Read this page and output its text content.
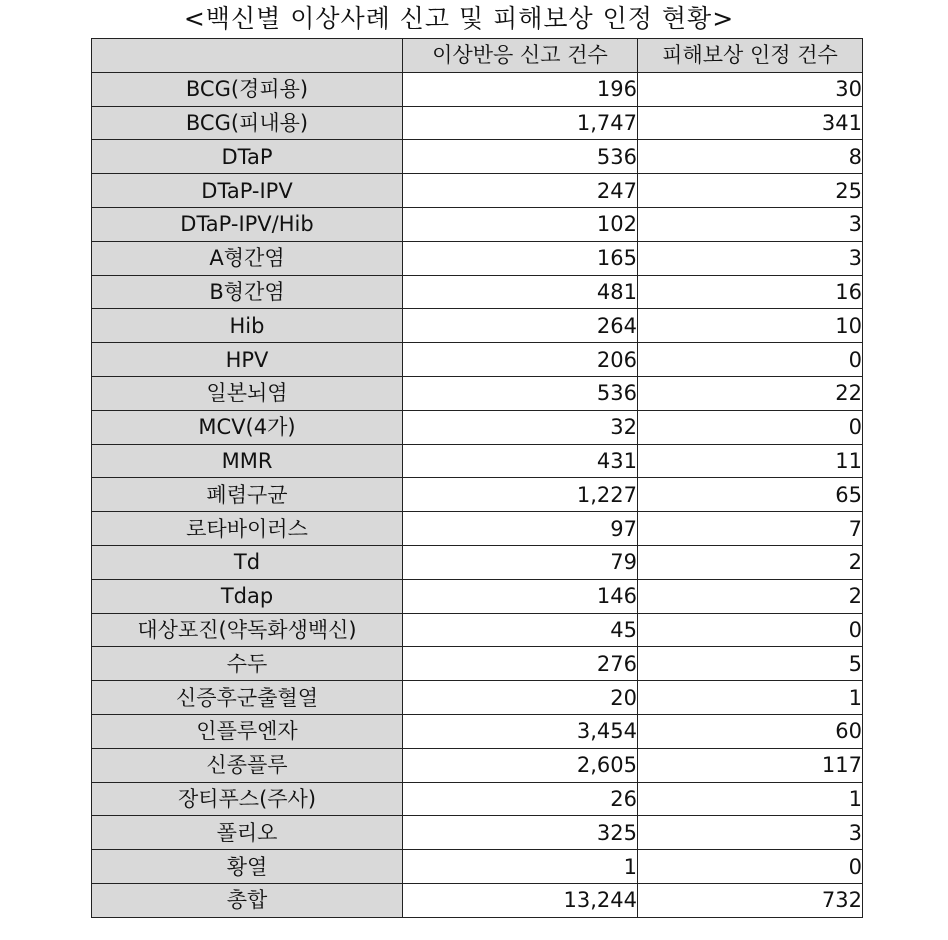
<백신별 이상사례 신고 및 피해보상 인정 현황>
	이상반응 신고 건수	피해보상 인정 건수
BCG(경피용)	196	30
BCG(피내용)	1,747	341
DTaP	536	8
DTaP-IPV	247	25
DTaP-IPV/Hib	102	3
A형간염	165	3
B형간염	481	16
Hib	264	10
HPV	206	0
일본뇌염	536	22
MCV(4가)	32	0
MMR	431	11
폐렴구균	1,227	65
로타바이러스	97	7
Td	79	2
Tdap	146	2
대상포진(약독화생백신)	45	0
수두	276	5
신증후군출혈열	20	1
인플루엔자	3,454	60
신종플루	2,605	117
장티푸스(주사)	26	1
폴리오	325	3
황열	1	0
총합	13,244	732
